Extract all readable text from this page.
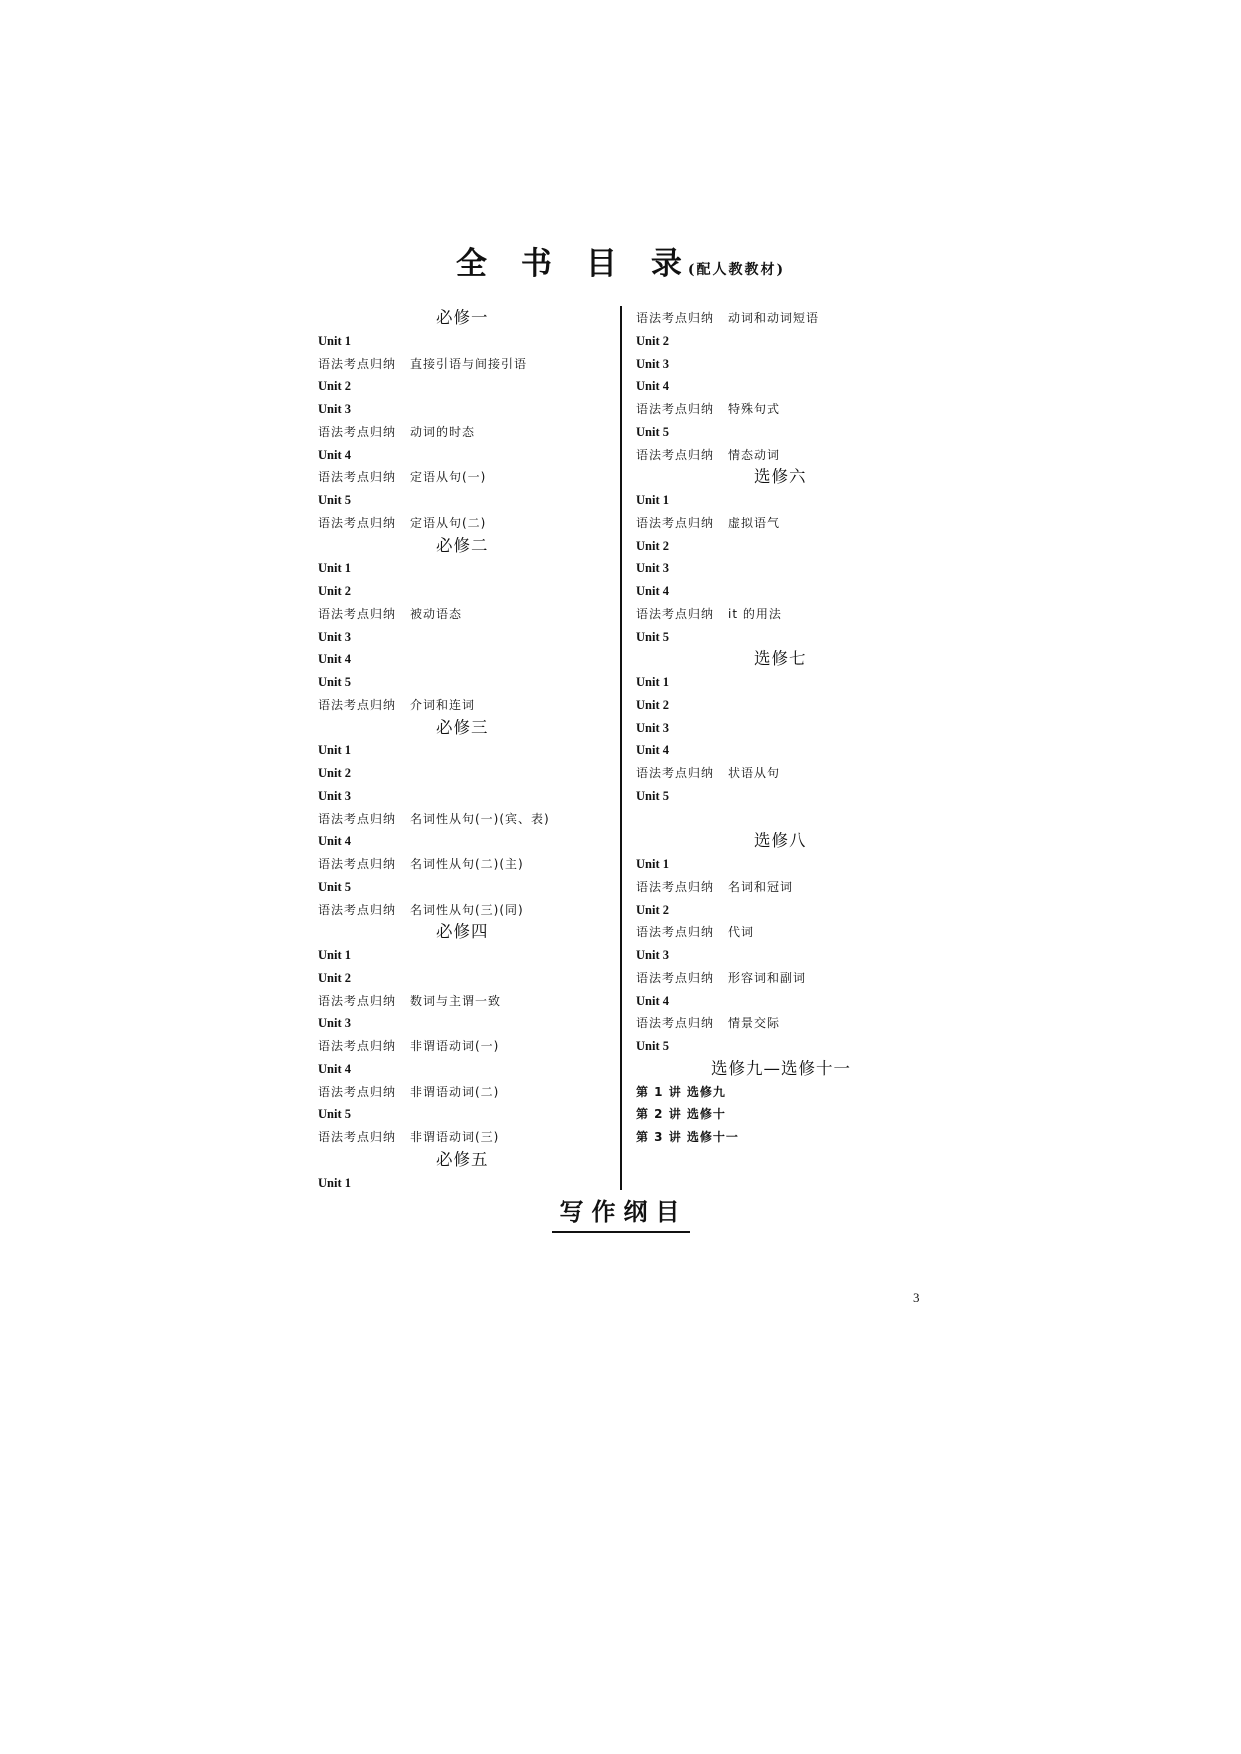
全书目录(配人教教材)
必修一
Unit 1
语法考点归纳 直接引语与间接引语
Unit 2
Unit 3
语法考点归纳 动词的时态
Unit 4
语法考点归纳 定语从句(一)
Unit 5
语法考点归纳 定语从句(二)
必修二
Unit 1
Unit 2
语法考点归纳 被动语态
Unit 3
Unit 4
Unit 5
语法考点归纳 介词和连词
必修三
Unit 1
Unit 2
Unit 3
语法考点归纳 名词性从句(一)(宾、表)
Unit 4
语法考点归纳 名词性从句(二)(主)
Unit 5
语法考点归纳 名词性从句(三)(同)
必修四
Unit 1
Unit 2
语法考点归纳 数词与主谓一致
Unit 3
语法考点归纳 非谓语动词(一)
Unit 4
语法考点归纳 非谓语动词(二)
Unit 5
语法考点归纳 非谓语动词(三)
必修五
Unit 1
语法考点归纳 动词和动词短语
Unit 2
Unit 3
Unit 4
语法考点归纳 特殊句式
Unit 5
语法考点归纳 情态动词
选修六
Unit 1
语法考点归纳 虚拟语气
Unit 2
Unit 3
Unit 4
语法考点归纳 it 的用法
Unit 5
选修七
Unit 1
Unit 2
Unit 3
Unit 4
语法考点归纳 状语从句
Unit 5
选修八
Unit 1
语法考点归纳 名词和冠词
Unit 2
语法考点归纳 代词
Unit 3
语法考点归纳 形容词和副词
Unit 4
语法考点归纳 情景交际
Unit 5
选修九—选修十一
第 1 讲 选修九
第 2 讲 选修十
第 3 讲 选修十一
写作纲目
3
